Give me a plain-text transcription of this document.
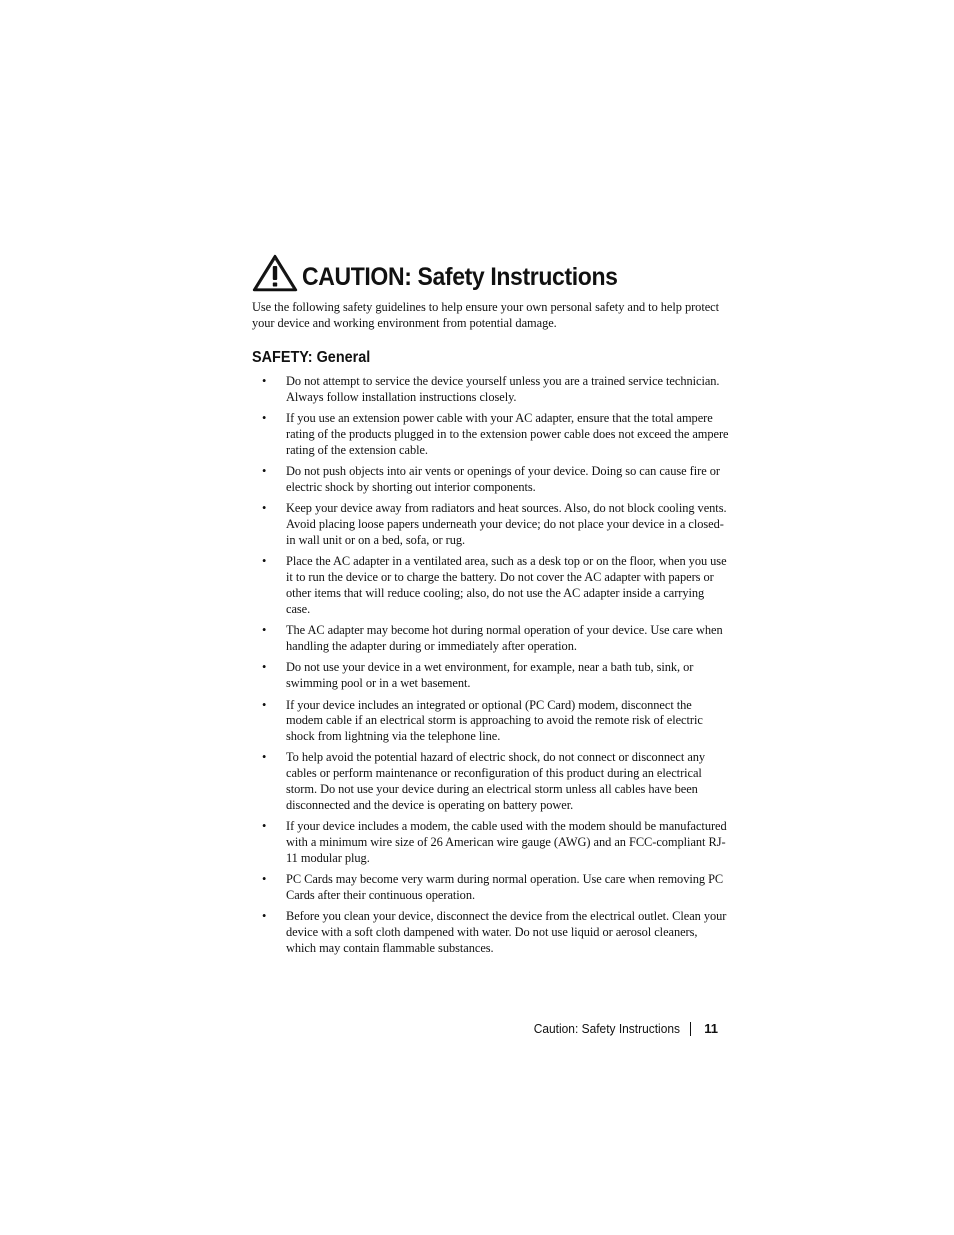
CAUTION: Safety Instructions

Use the following safety guidelines to help ensure your own personal safety and to help protect your device and working environment from potential damage.

SAFETY: General
• Do not attempt to service the device yourself unless you are a trained service technician. Always follow installation instructions closely.
• If you use an extension power cable with your AC adapter, ensure that the total ampere rating of the products plugged in to the extension power cable does not exceed the ampere rating of the extension cable.
• Do not push objects into air vents or openings of your device. Doing so can cause fire or electric shock by shorting out interior components.
• Keep your device away from radiators and heat sources. Also, do not block cooling vents. Avoid placing loose papers underneath your device; do not place your device in a closed-in wall unit or on a bed, sofa, or rug.
• Place the AC adapter in a ventilated area, such as a desk top or on the floor, when you use it to run the device or to charge the battery. Do not cover the AC adapter with papers or other items that will reduce cooling; also, do not use the AC adapter inside a carrying case.
• The AC adapter may become hot during normal operation of your device. Use care when handling the adapter during or immediately after operation.
• Do not use your device in a wet environment, for example, near a bath tub, sink, or swimming pool or in a wet basement.
• If your device includes an integrated or optional (PC Card) modem, disconnect the modem cable if an electrical storm is approaching to avoid the remote risk of electric shock from lightning via the telephone line.
• To help avoid the potential hazard of electric shock, do not connect or disconnect any cables or perform maintenance or reconfiguration of this product during an electrical storm. Do not use your device during an electrical storm unless all cables have been disconnected and the device is operating on battery power.
• If your device includes a modem, the cable used with the modem should be manufactured with a minimum wire size of 26 American wire gauge (AWG) and an FCC-compliant RJ-11 modular plug.
• PC Cards may become very warm during normal operation. Use care when removing PC Cards after their continuous operation.
• Before you clean your device, disconnect the device from the electrical outlet. Clean your device with a soft cloth dampened with water. Do not use liquid or aerosol cleaners, which may contain flammable substances.
Caution: Safety Instructions 11
